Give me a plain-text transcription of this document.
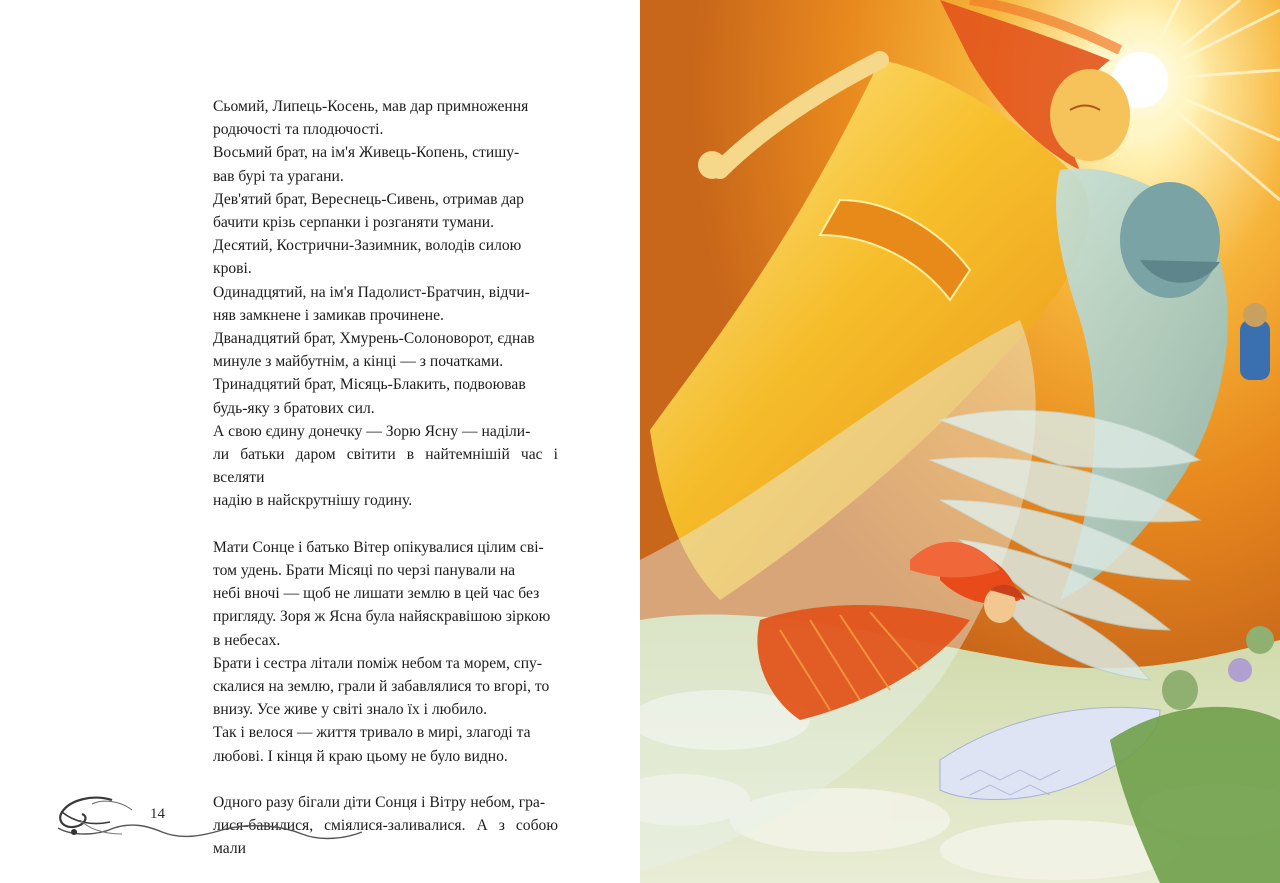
Сьомий, Липець-Косень, мав дар примноження
родючості та плодючості.
Восьмий брат, на ім'я Живець-Копень, стишу-
вав бурі та урагани.
Дев'ятий брат, Вереснець-Сивень, отримав дар
бачити крізь серпанки і розганяти тумани.
Десятий, Кострични-Зазимник, володів силою
крові.
Одинадцятий, на ім'я Падолист-Братчин, відчи-
няв замкнене і замикав прочинене.
Дванадцятий брат, Хмурень-Солоноворот, єднав
минуле з майбутнім, а кінці — з початками.
Тринадцятий брат, Місяць-Блакить, подвоював
будь-яку з братових сил.
А свою єдину донечку — Зорю Ясну — наділи-
ли батьки даром світити в найтемнішій час і вселяти
надію в найскрутнішу годину.
Мати Сонце і батько Вітер опікувалися цілим сві-
том удень. Брати Місяці по черзі панували на
небі вночі — щоб не лишати землю в цей час без
пригляду. Зоря ж Ясна була найяскравішою зіркою
в небесах.
Брати і сестра літали поміж небом та морем, спу-
скалися на землю, грали й забавлялися то вгорі, то
внизу. Усе живе у світі знало їх і любило.
Так і велося — життя тривало в мирі, злагоді та
любові. І кінця й краю цьому не було видно.
Одного разу бігали діти Сонця і Вітру небом, гра-
лися-бавилися, сміялися-заливалися. А з собою мали
14
